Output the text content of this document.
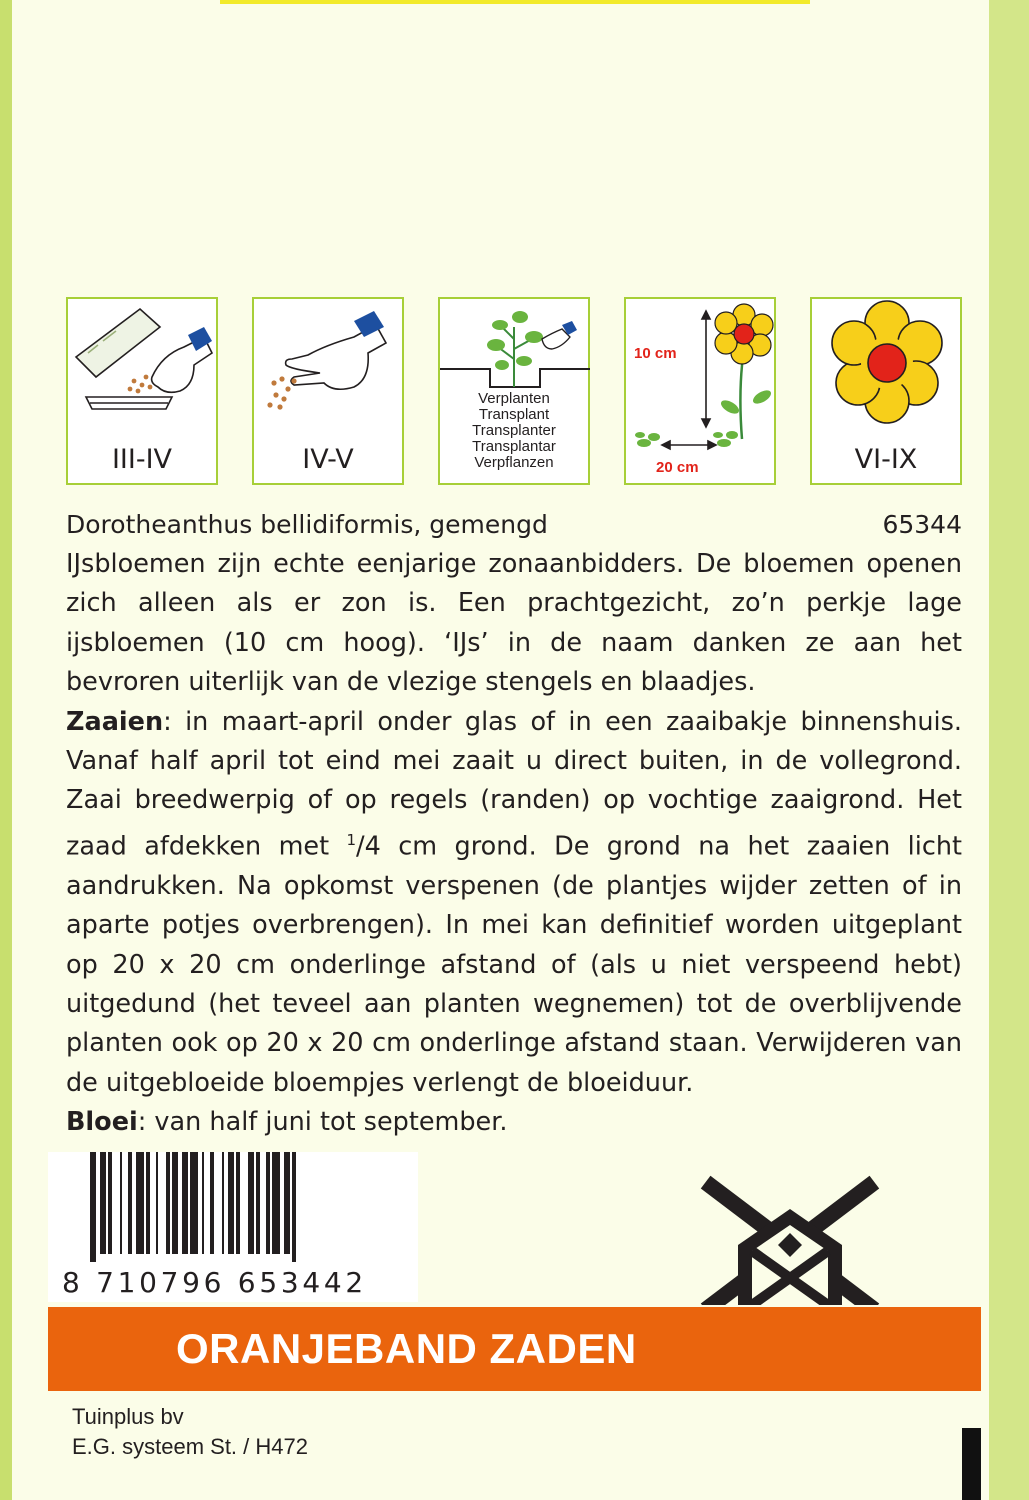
III-IV	IV-V
Verplanten
Transplant
Transplanter
Transplantar
Verpflanzen
10 cm
20 cm	VI-IX
Dorotheanthus bellidiformis, gemengd	65344

IJsbloemen zijn echte eenjarige zonaanbidders. De bloemen openen zich alleen als er zon is. Een prachtgezicht, zo’n perkje lage ijsbloemen (10 cm hoog). ‘IJs’ in de naam danken ze aan het bevroren uiterlijk van de vlezige stengels en blaadjes.

Zaaien: in maart-april onder glas of in een zaaibakje binnenshuis. Vanaf half april tot eind mei zaait u direct buiten, in de vollegrond. Zaai breedwerpig of op regels (randen) op vochtige zaaigrond. Het zaad afdekken met $^1$/4 cm grond. De grond na het zaaien licht aandrukken. Na opkomst verspenen (de plantjes wijder zetten of in aparte potjes overbrengen). In mei kan definitief worden uitgeplant op 20 x 20 cm onderlinge afstand of (als u niet verspeend hebt) uitgedund (het teveel aan planten wegnemen) tot de overblijvende planten ook op 20 x 20 cm onderlinge afstand staan. Verwijderen van de uitgebloeide bloempjes verlengt de bloeiduur.

Bloei: van half juni tot september.

8 710796 653442
ORANJEBAND ZADEN
Tuinplus bv
E.G. systeem St. / H472
